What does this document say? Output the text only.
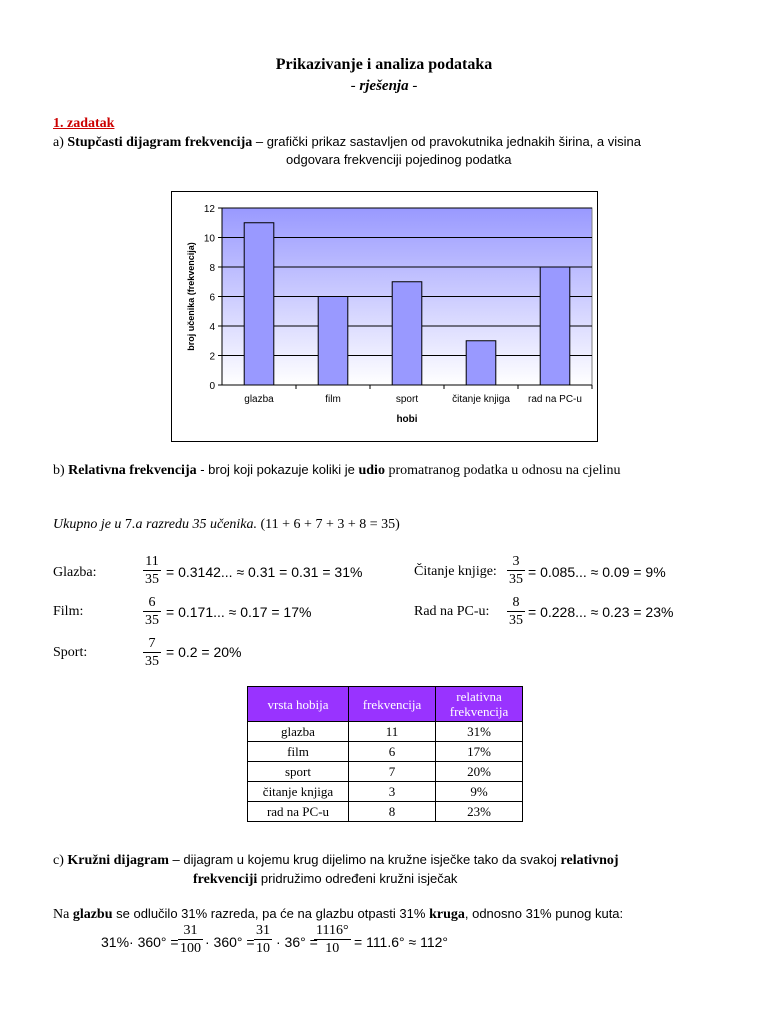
Prikazivanje i analiza podataka
- rješenja -
1. zadatak
a) Stupčasti dijagram frekvencija – grafički prikaz sastavljen od pravokutnika jednakih širina, a visina
odgovara frekvenciji pojedinog podatka
0
2
4
6
8
10
12
glazba	film	sport	čitanje knjiga rad na PC-u
hobi
broj učenika (frekvencija)
b) Relativna frekvencija - broj koji pokazuje koliki je udio promatranog podatka u odnosu na cjelinu
Ukupno je u 7.a razredu 35 učenika. (11 + 6 + 7 + 3 + 8 = 35)
Glazba:	$\frac{11}{35} = 0.3142$... ≈ 0.31 = 0.31 = 31%
Film:	$\frac{6}{35} = 0.171$... ≈ 0.17 = 17%
Sport:	$\frac{7}{35} = 0.2 = 20\%$
Čitanje knjige: $\frac{3}{35} = 0.085$... ≈ 0.09 = 9%
Rad na PC-u: $\frac{8}{35} = 0.228$... ≈ 0.23 = 23%
vrsta hobija	frekvencija	relativna frekvencija
glazba	11	31%
film	6	17%
sport	7	20%
čitanje knjiga	3	9%
rad na PC-u	8	23%
c) Kružni dijagram – dijagram u kojemu krug dijelimo na kružne isječke tako da svakoj relativnoj
frekvenciji pridružimo određeni kružni isječak
Na glazbu se odlučilo 31% razreda, pa će na glazbu otpasti 31% kruga, odnosno 31% punog kuta:
$31\%\cdot 360^\circ = \frac{31}{100} \cdot 360^\circ = \frac{31}{10} \cdot 36^\circ$ =
$\frac{1116^\circ}{10} = 111.6^\circ \approx 112^\circ$
